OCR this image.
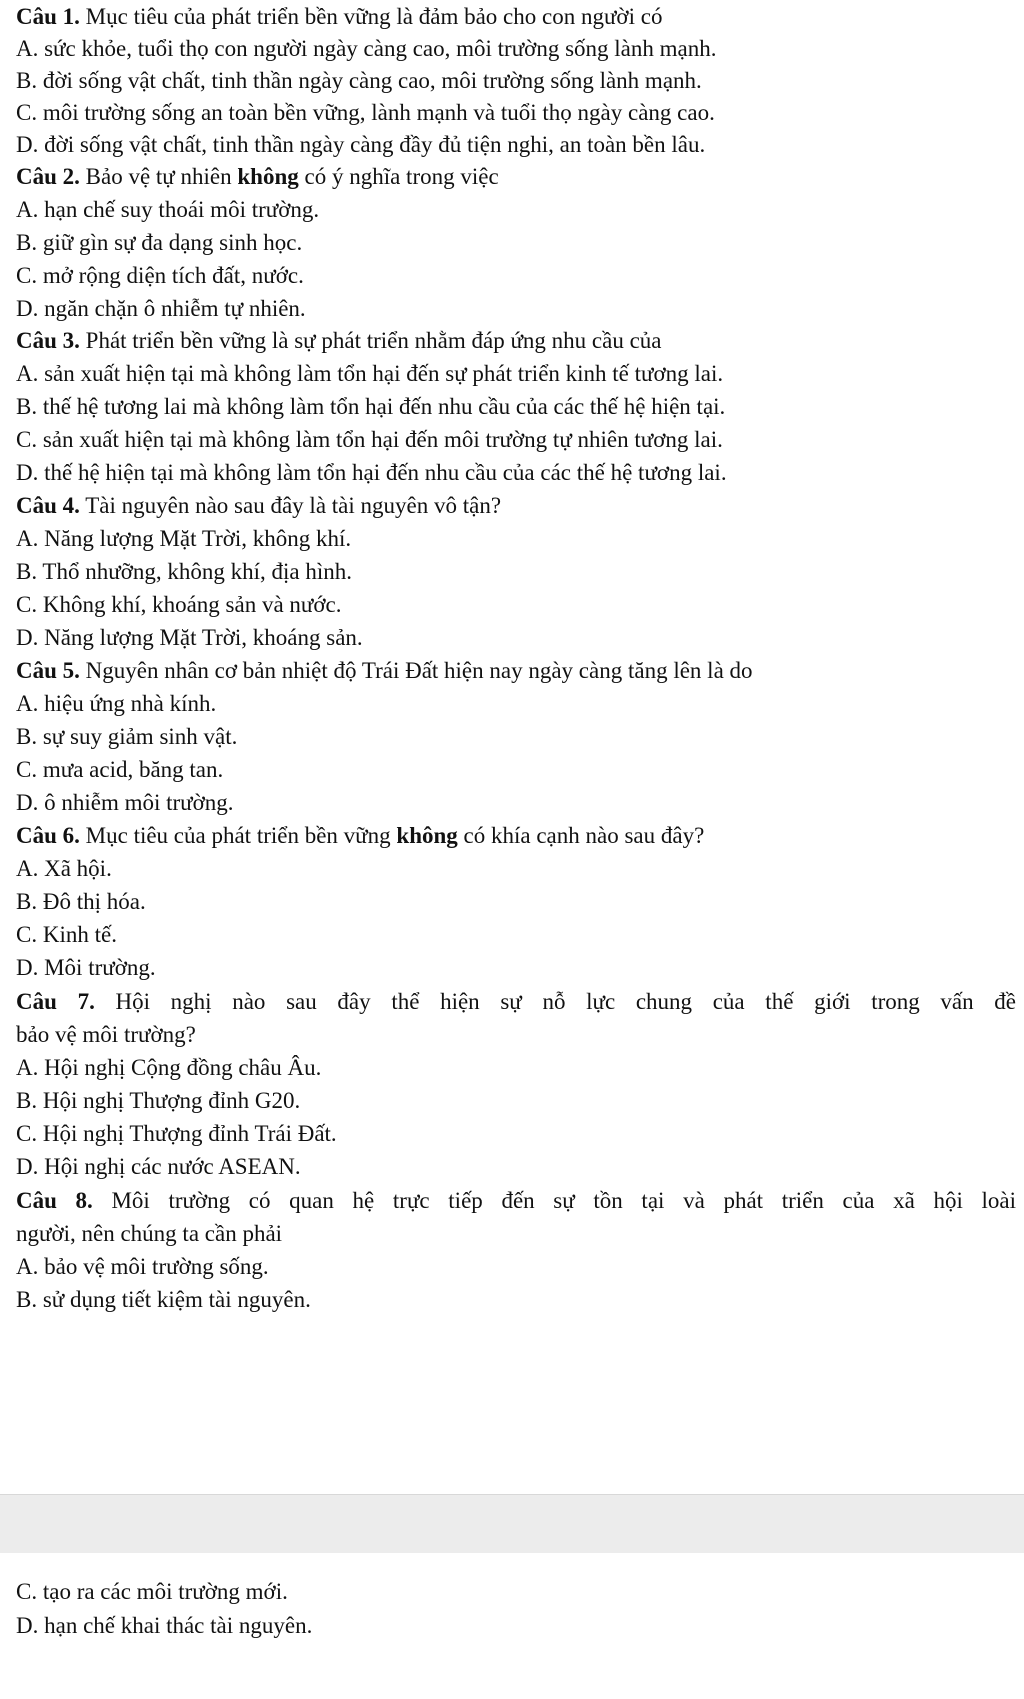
Câu 1. Mục tiêu của phát triển bền vững là đảm bảo cho con người có
A. sức khỏe, tuổi thọ con người ngày càng cao, môi trường sống lành mạnh.
B. đời sống vật chất, tinh thần ngày càng cao, môi trường sống lành mạnh.
C. môi trường sống an toàn bền vững, lành mạnh và tuổi thọ ngày càng cao.
D. đời sống vật chất, tinh thần ngày càng đầy đủ tiện nghi, an toàn bền lâu.
Câu 2. Bảo vệ tự nhiên không có ý nghĩa trong việc
A. hạn chế suy thoái môi trường.
B. giữ gìn sự đa dạng sinh học.
C. mở rộng diện tích đất, nước.
D. ngăn chặn ô nhiễm tự nhiên.
Câu 3. Phát triển bền vững là sự phát triển nhằm đáp ứng nhu cầu của
A. sản xuất hiện tại mà không làm tổn hại đến sự phát triển kinh tế tương lai.
B. thế hệ tương lai mà không làm tổn hại đến nhu cầu của các thế hệ hiện tại.
C. sản xuất hiện tại mà không làm tổn hại đến môi trường tự nhiên tương lai.
D. thế hệ hiện tại mà không làm tổn hại đến nhu cầu của các thế hệ tương lai.
Câu 4. Tài nguyên nào sau đây là tài nguyên vô tận?
A. Năng lượng Mặt Trời, không khí.
B. Thổ nhưỡng, không khí, địa hình.
C. Không khí, khoáng sản và nước.
D. Năng lượng Mặt Trời, khoáng sản.
Câu 5. Nguyên nhân cơ bản nhiệt độ Trái Đất hiện nay ngày càng tăng lên là do
A. hiệu ứng nhà kính.
B. sự suy giảm sinh vật.
C. mưa acid, băng tan.
D. ô nhiễm môi trường.
Câu 6. Mục tiêu của phát triển bền vững không có khía cạnh nào sau đây?
A. Xã hội.
B. Đô thị hóa.
C. Kinh tế.
D. Môi trường.
Câu 7. Hội nghị nào sau đây thể hiện sự nỗ lực chung của thế giới trong vấn đề
bảo vệ môi trường?
A. Hội nghị Cộng đồng châu Âu.
B. Hội nghị Thượng đỉnh G20.
C. Hội nghị Thượng đỉnh Trái Đất.
D. Hội nghị các nước ASEAN.
Câu 8. Môi trường có quan hệ trực tiếp đến sự tồn tại và phát triển của xã hội loài
người, nên chúng ta cần phải
A. bảo vệ môi trường sống.
B. sử dụng tiết kiệm tài nguyên.
C. tạo ra các môi trường mới.
D. hạn chế khai thác tài nguyên.
